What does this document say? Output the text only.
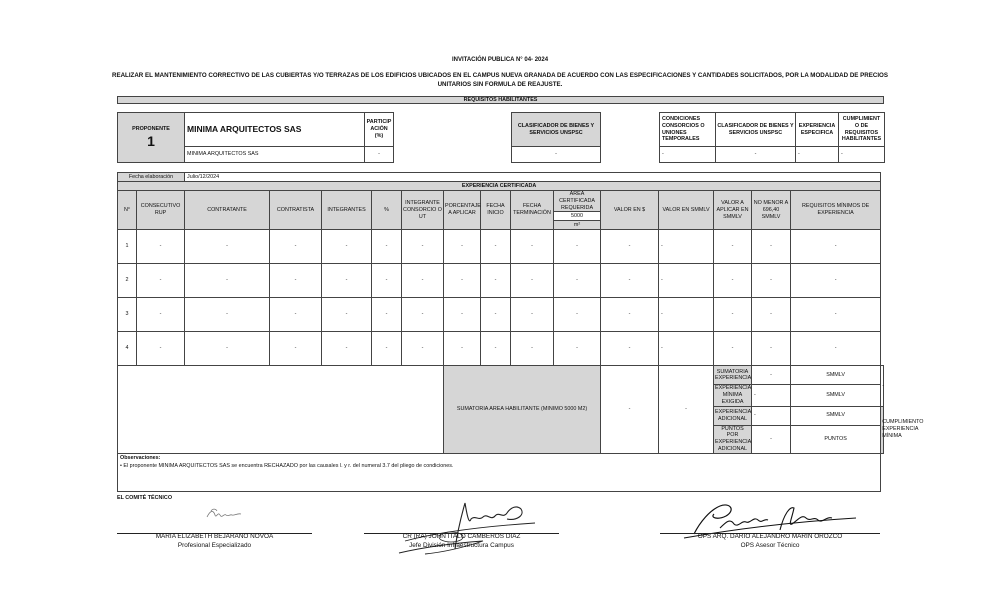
INVITACIÓN PUBLICA N° 04- 2024
REALIZAR EL MANTENIMIENTO CORRECTIVO DE LAS CUBIERTAS Y/O TERRAZAS DE LOS EDIFICIOS UBICADOS EN EL CAMPUS NUEVA GRANADA DE ACUERDO CON LAS ESPECIFICACIONES Y CANTIDADES SOLICITADOS, POR LA MODALIDAD DE PRECIOS UNITARIOS SIN FORMULA DE REAJUSTE.
REQUISITOS HABILITANTES
PROPONENTE
1	MINIMA ARQUITECTOS SAS	PARTICIP ACIÓN (%)
	MINIMA ARQUITECTOS SAS	-
CLASIFICADOR DE BIENES Y SERVICIOS UNSPSC
-
CONDICIONES CONSORCIOS O UNIONES TEMPORALES	CLASIFICADOR DE BIENES Y SERVICIOS UNSPSC	EXPERIENCIA ESPECIFICA	CUMPLIMIENT O DE REQUISITOS HABILITANTES
-	-	-	-
Fecha elaboración		Julio/12/2024														
EXPERIENCIA CERTIFICADA																
N°	CONSECUTIVO RUP	CONTRATANTE	CONTRATISTA	INTEGRANTES	%	INTEGRANTE CONSORCIO O UT	PORCENTAJE A APLICAR	FECHA INICIO	FECHA TERMINACIÓN	ÁREA CERTIFICADA REQUERIDA	VALOR EN $	VALOR EN SMMLV	VALOR A APLICAR EN SMMLV	NO MENOR A 696,40 SMMLV	REQUISITOS MÍNIMOS DE EXPERIENCIA	
										5000						
										m²						
1	-	-	-	-	-	-	-	-	-	-	-	-	-	-	-	
2	-	-	-	-	-	-	-	-	-	-	-	-	-	-	-	
3	-	-	-	-	-	-	-	-	-	-	-	-	-	-	-	
4	-	-	-	-	-	-	-	-	-	-	-	-	-	-	-	
							SUMATORIA AREA HABILITANTE (MINIMO 5000 M2)				-	-	SUMATORIA EXPERIENCIA	-	SMMLV	-
													EXPERIENCIA MÍNIMA EXIGIDA	-	SMMLV	
													EXPERIENCIA ADICIONAL	-	SMMLV	CUMPLIMIENTO EXPERIENCIA MÍNIMA
													PUNTOS POR EXPERIENCIA ADICIONAL	-	PUNTOS	

Observaciones:
• El proponente MINIMA ARQUITECTOS SAS se encuentra RECHAZADO por las causales l. y r. del numeral 3.7 del pliego de condiciones.																
EL COMITÉ TÉCNICO
MARIA ELIZABETH BEJARANO NOVOA
Profesional Especializado
CR (RA) JOHN ITALO CAMBEROS DIAZ
Jefe División Infraestructura Campus
OPS ARQ. DARIO ALEJANDRO MARIN OROZCO
OPS Asesor Técnico
